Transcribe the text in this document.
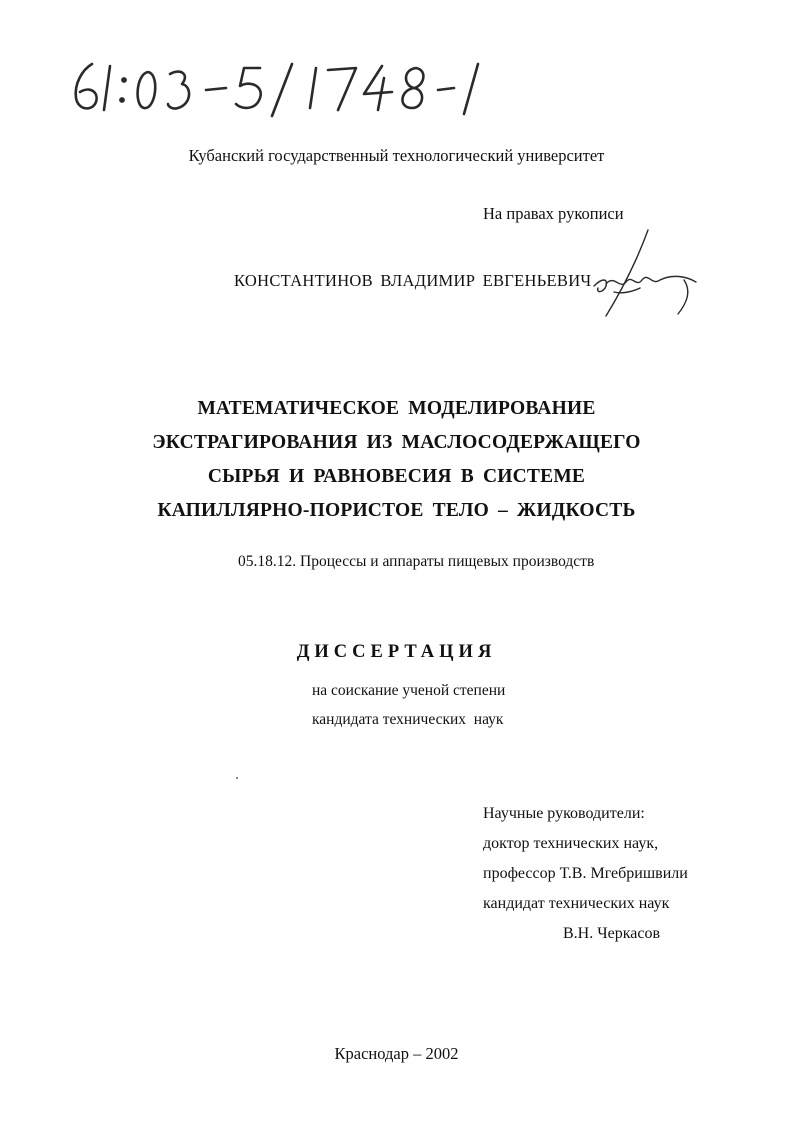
Кубанский государственный технологический университет
На правах рукописи
КОНСТАНТИНОВ ВЛАДИМИР ЕВГЕНЬЕВИЧ
МАТЕМАТИЧЕСКОЕ МОДЕЛИРОВАНИЕ
ЭКСТРАГИРОВАНИЯ ИЗ МАСЛОСОДЕРЖАЩЕГО
СЫРЬЯ И РАВНОВЕСИЯ В СИСТЕМЕ
КАПИЛЛЯРНО-ПОРИСТОЕ ТЕЛО – ЖИДКОСТЬ
05.18.12. Процессы и аппараты пищевых производств
ДИССЕРТАЦИЯ
на соискание ученой степени
кандидата технических  наук
Научные руководители:
доктор технических наук,
профессор Т.В. Мгебришвили
кандидат технических наук
В.Н. Черкасов
Краснодар – 2002
